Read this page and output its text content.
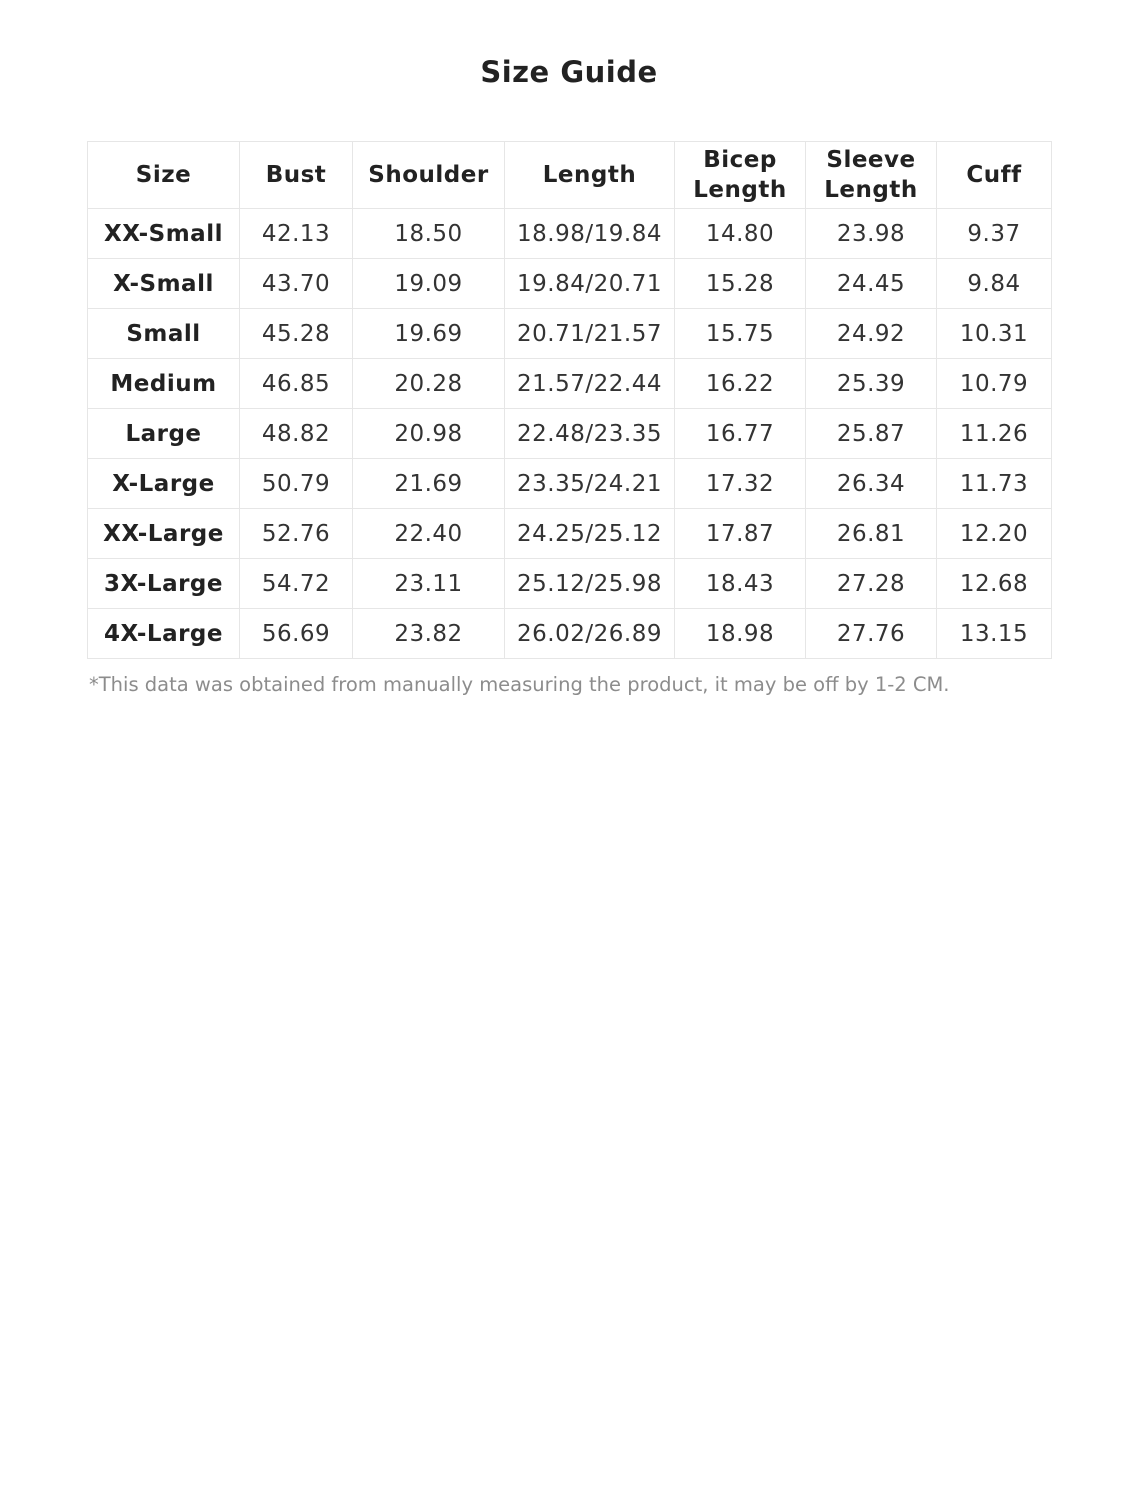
Size Guide
Size	Bust	Shoulder	Length	Bicep Length	Sleeve Length	Cuff
XX-Small	42.13	18.50	18.98/19.84	14.80	23.98	9.37
X-Small	43.70	19.09	19.84/20.71	15.28	24.45	9.84
Small	45.28	19.69	20.71/21.57	15.75	24.92	10.31
Medium	46.85	20.28	21.57/22.44	16.22	25.39	10.79
Large	48.82	20.98	22.48/23.35	16.77	25.87	11.26
X-Large	50.79	21.69	23.35/24.21	17.32	26.34	11.73
XX-Large	52.76	22.40	24.25/25.12	17.87	26.81	12.20
3X-Large	54.72	23.11	25.12/25.98	18.43	27.28	12.68
4X-Large	56.69	23.82	26.02/26.89	18.98	27.76	13.15

*This data was obtained from manually measuring the product, it may be off by 1-2 CM.
